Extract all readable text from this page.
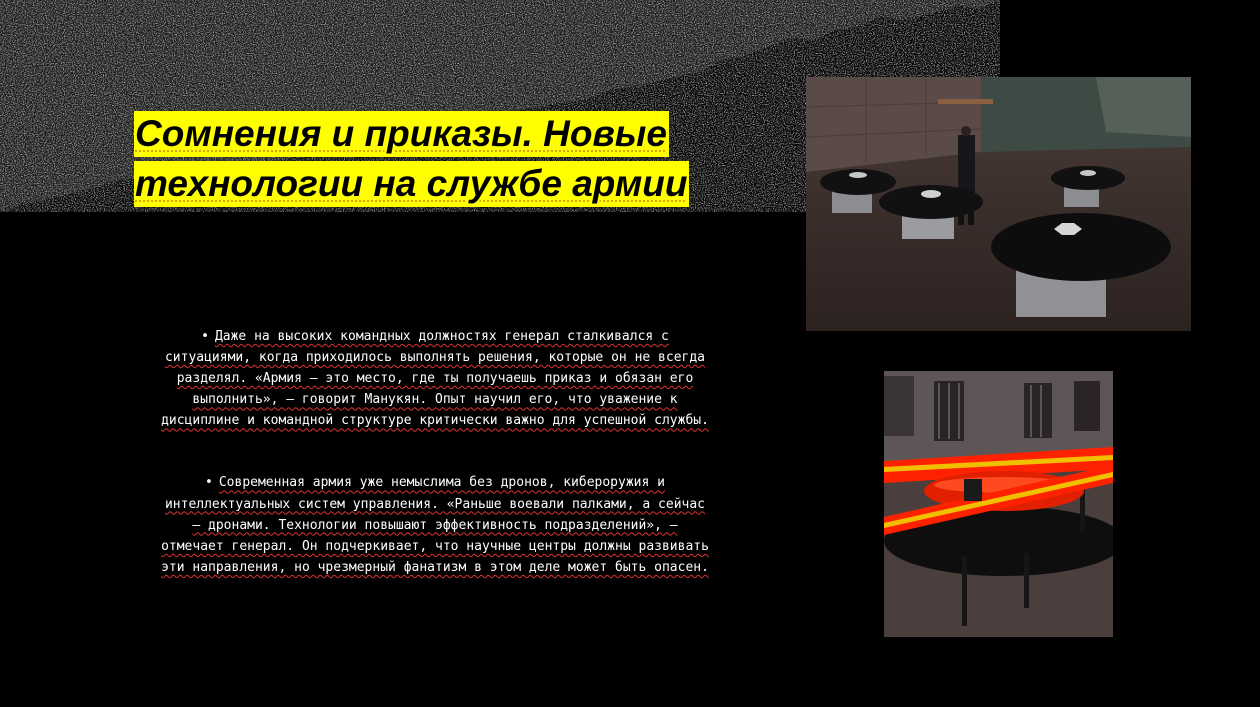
Сомнения и приказы. Новые
технологии на службе армии
• Даже на высоких командных должностях генерал сталкивался с ситуациями, когда приходилось выполнять решения, которые он не всегда разделял. «Армия — это место, где ты получаешь приказ и обязан его выполнить», — говорит Манукян. Опыт научил его, что уважение к дисциплине и командной структуре критически важно для успешной службы.
• Современная армия уже немыслима без дронов, кибероружия и интеллектуальных систем управления. «Раньше воевали палками, а сейчас — дронами. Технологии повышают эффективность подразделений», — отмечает генерал. Он подчеркивает, что научные центры должны развивать эти направления, но чрезмерный фанатизм в этом деле может быть опасен.
